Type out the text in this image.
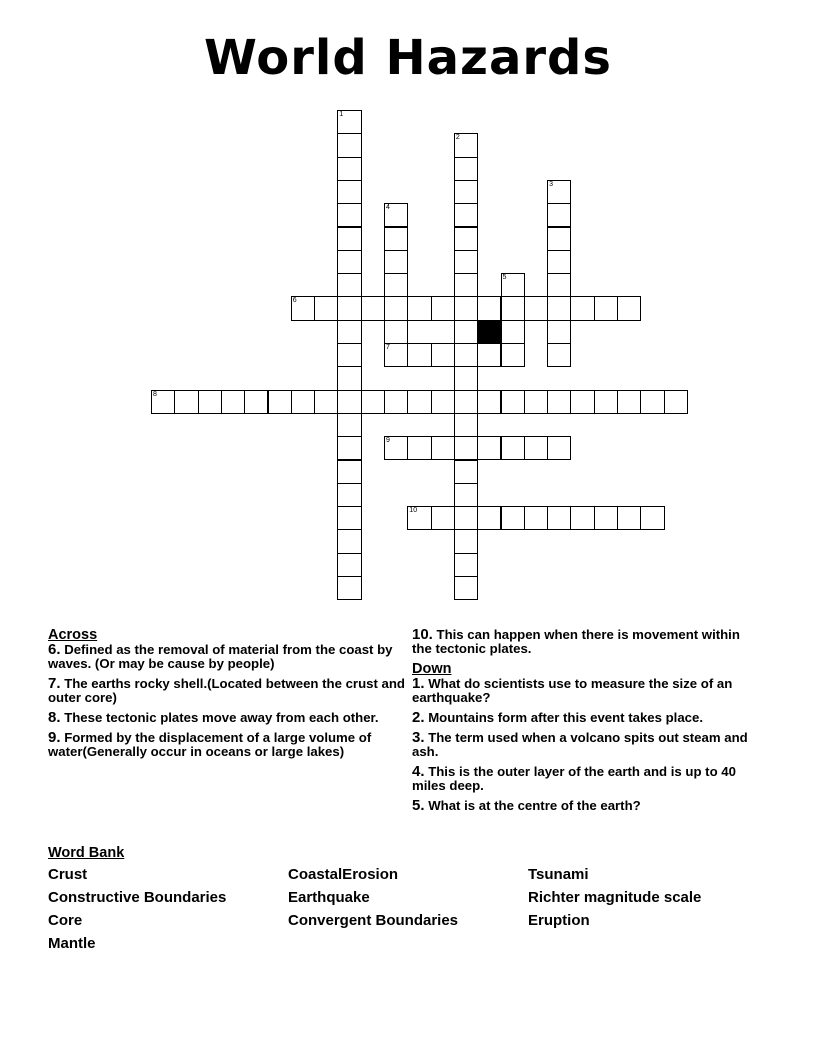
World Hazards
6
7
8
9
10
1
2
3
4
5
Across
6. Defined as the removal of material from the coast by waves. (Or may be cause by people)
7. The earths rocky shell.(Located between the crust and outer core)
8. These tectonic plates move away from each other.
9. Formed by the displacement of a large volume of water(Generally occur in oceans or large lakes)
10. This can happen when there is movement within the tectonic plates.
Down
1. What do scientists use to measure the size of an earthquake?
2. Mountains form after this event takes place.
3. The term used when a volcano spits out steam and ash.
4. This is the outer layer of the earth and is up to 40 miles deep.
5. What is at the centre of the earth?
Word Bank
Crust	CoastalErosion	Tsunami
Constructive Boundaries	Earthquake	Richter magnitude scale
Core	Convergent Boundaries	Eruption
Mantle
